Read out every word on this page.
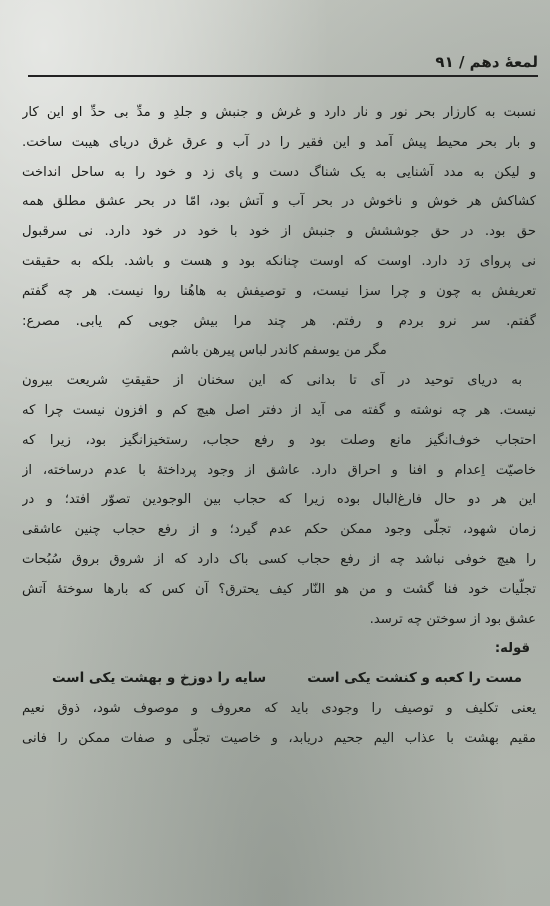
لمعهٔ دهم / ۹۱
نسبت به کارزار بحر نور و نار دارد و غرش و جنبش و جلدِ و مدِّ بی حدِّ او این کار
و بار بحر محیط پیش آمد و این فقیر را در آب و عرق غرق دریای هیبت ساخت.
و لیکن به مدد آشنایی به یک شناگ دست و پای زد و خود را به ساحل انداخت
کشاکش هر خوش و ناخوش در بحر آب و آتش بود، امّا در بحر عشق مطلق همه
حق بود. در حق جوششش و جنبش از خود با خود در خود دارد. نی سرقبول
نی پروای رَد دارد. اوست که اوست چنانکه بود و هست و باشد. بلکه به حقیقت
تعریفش به چون و چرا سزا نیست، و توصیفش به هاهُنا روا نیست. هر چه گفتم
گفتم. سر نرو بردم و رفتم. هر چند مرا بیش جویی کم یابی. مصرع:
مگر من یوسفم کاندر لباس پیرهن باشم
به دریای توحید در آی تا بدانی که این سخنان از حقیقتِ شریعت بیرون
نیست. هر چه نوشته و گفته می آید از دفتر اصل هیچ کم و افزون نیست چرا که
احتجاب خوف‌انگیز مانع وصلت بود و رفع حجاب، رستخیزانگیز بود، زیرا که
خاصیّت اِعدام و افنا و احراق دارد. عاشق از وجود پرداختهٔ با عدم درساخته، از
این هر دو حال فارغ‌البال بوده زیرا که حجاب بین الوجودین تصوّر افتد؛ و در
زمان شهود، تجلّی وجود ممکن حکم عدم گیرد؛ و از رفع حجاب چنین عاشقی
را هیچ خوفی نباشد چه از رفع حجاب کسی باک دارد که از شروق بروق سُبُحات
تجلّیات خود فنا گشت و من هو النّار کیف یحترق؟ آن کس که بارها سوختهٔ آتش
عشق بود از سوختن چه ترسد.
قوله:
مست را کعبه و کنشت یکی است
سایه را دوزخ و بهشت یکی است
یعنی تکلیف و توصیف را وجودی باید که معروف و موصوف شود، ذوق نعیم
مقیم بهشت با عذاب الیم جحیم دریابد، و خاصیت تجلّی و صفات ممکن را فانی
